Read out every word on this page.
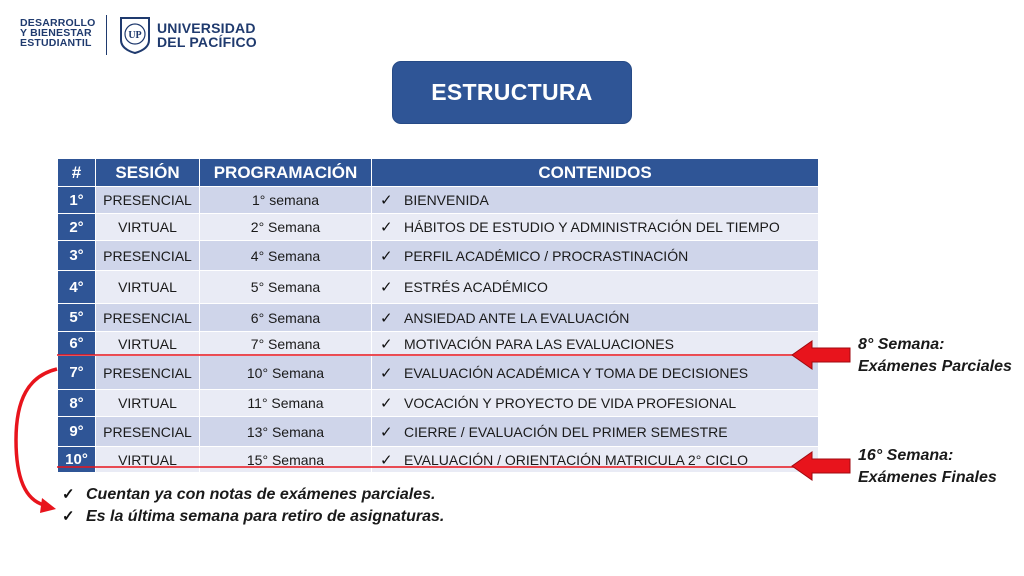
DESARROLLO
Y BIENESTAR
ESTUDIANTIL
UP UNIVERSIDAD
DEL PACÍFICO
ESTRUCTURA
#	SESIÓN	PROGRAMACIÓN	CONTENIDOS
1°	PRESENCIAL	1° semana	✓ BIENVENIDA
2°	VIRTUAL	2° Semana	✓ HÁBITOS DE ESTUDIO Y ADMINISTRACIÓN DEL TIEMPO
3°	PRESENCIAL	4° Semana	✓ PERFIL ACADÉMICO / PROCRASTINACIÓN
4°	VIRTUAL	5° Semana	✓ ESTRÉS ACADÉMICO
5°	PRESENCIAL	6° Semana	✓ ANSIEDAD ANTE LA EVALUACIÓN
6°	VIRTUAL	7° Semana	✓ MOTIVACIÓN PARA LAS EVALUACIONES
7°	PRESENCIAL	10° Semana	✓ EVALUACIÓN ACADÉMICA Y TOMA DE DECISIONES
8°	VIRTUAL	11° Semana	✓ VOCACIÓN Y PROYECTO DE VIDA PROFESIONAL
9°	PRESENCIAL	13° Semana	✓ CIERRE / EVALUACIÓN DEL PRIMER SEMESTRE
10°	VIRTUAL	15° Semana	✓ EVALUACIÓN / ORIENTACIÓN MATRICULA 2° CICLO
8° Semana:
Exámenes Parciales
16° Semana:
Exámenes Finales
✓ Cuentan ya con notas de exámenes parciales.
✓ Es la última semana para retiro de asignaturas.
